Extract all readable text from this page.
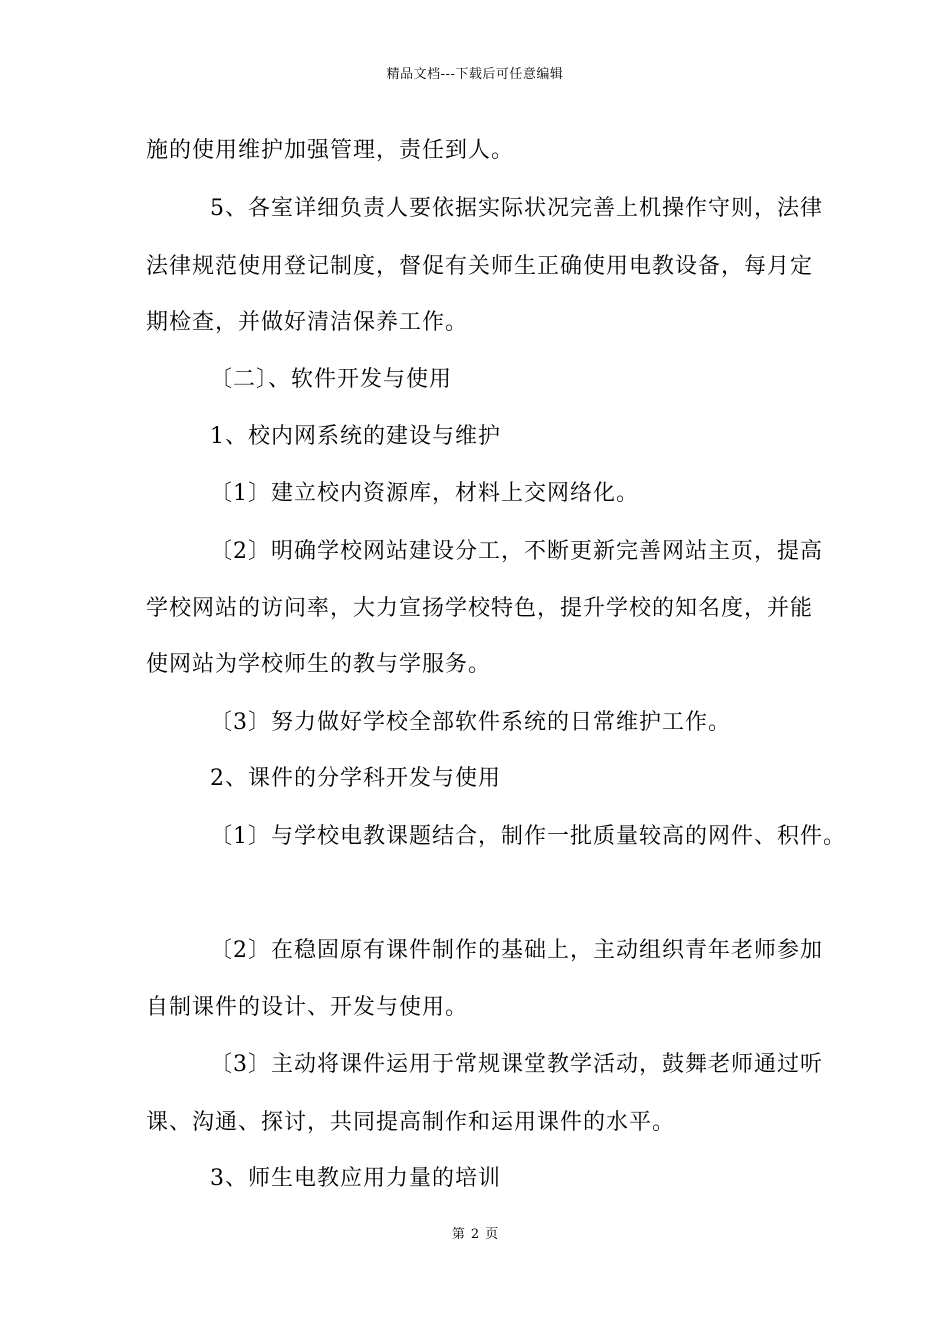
精品文档---下载后可任意编辑
施的使用维护加强管理，责任到人。
5、各室详细负责人要依据实际状况完善上机操作守则，法律
法律规范使用登记制度，督促有关师生正确使用电教设备，每月定
期检查，并做好清洁保养工作。
〔二〕、软件开发与使用
1、校内网系统的建设与维护
〔1〕建立校内资源库，材料上交网络化。
〔2〕明确学校网站建设分工，不断更新完善网站主页，提高
学校网站的访问率，大力宣扬学校特色，提升学校的知名度，并能
使网站为学校师生的教与学服务。
〔3〕努力做好学校全部软件系统的日常维护工作。
2、课件的分学科开发与使用
〔1〕与学校电教课题结合，制作一批质量较高的网件、积件。
〔2〕在稳固原有课件制作的基础上，主动组织青年老师参加
自制课件的设计、开发与使用。
〔3〕主动将课件运用于常规课堂教学活动，鼓舞老师通过听
课、沟通、探讨，共同提高制作和运用课件的水平。
3、师生电教应用力量的培训
第 2 页
